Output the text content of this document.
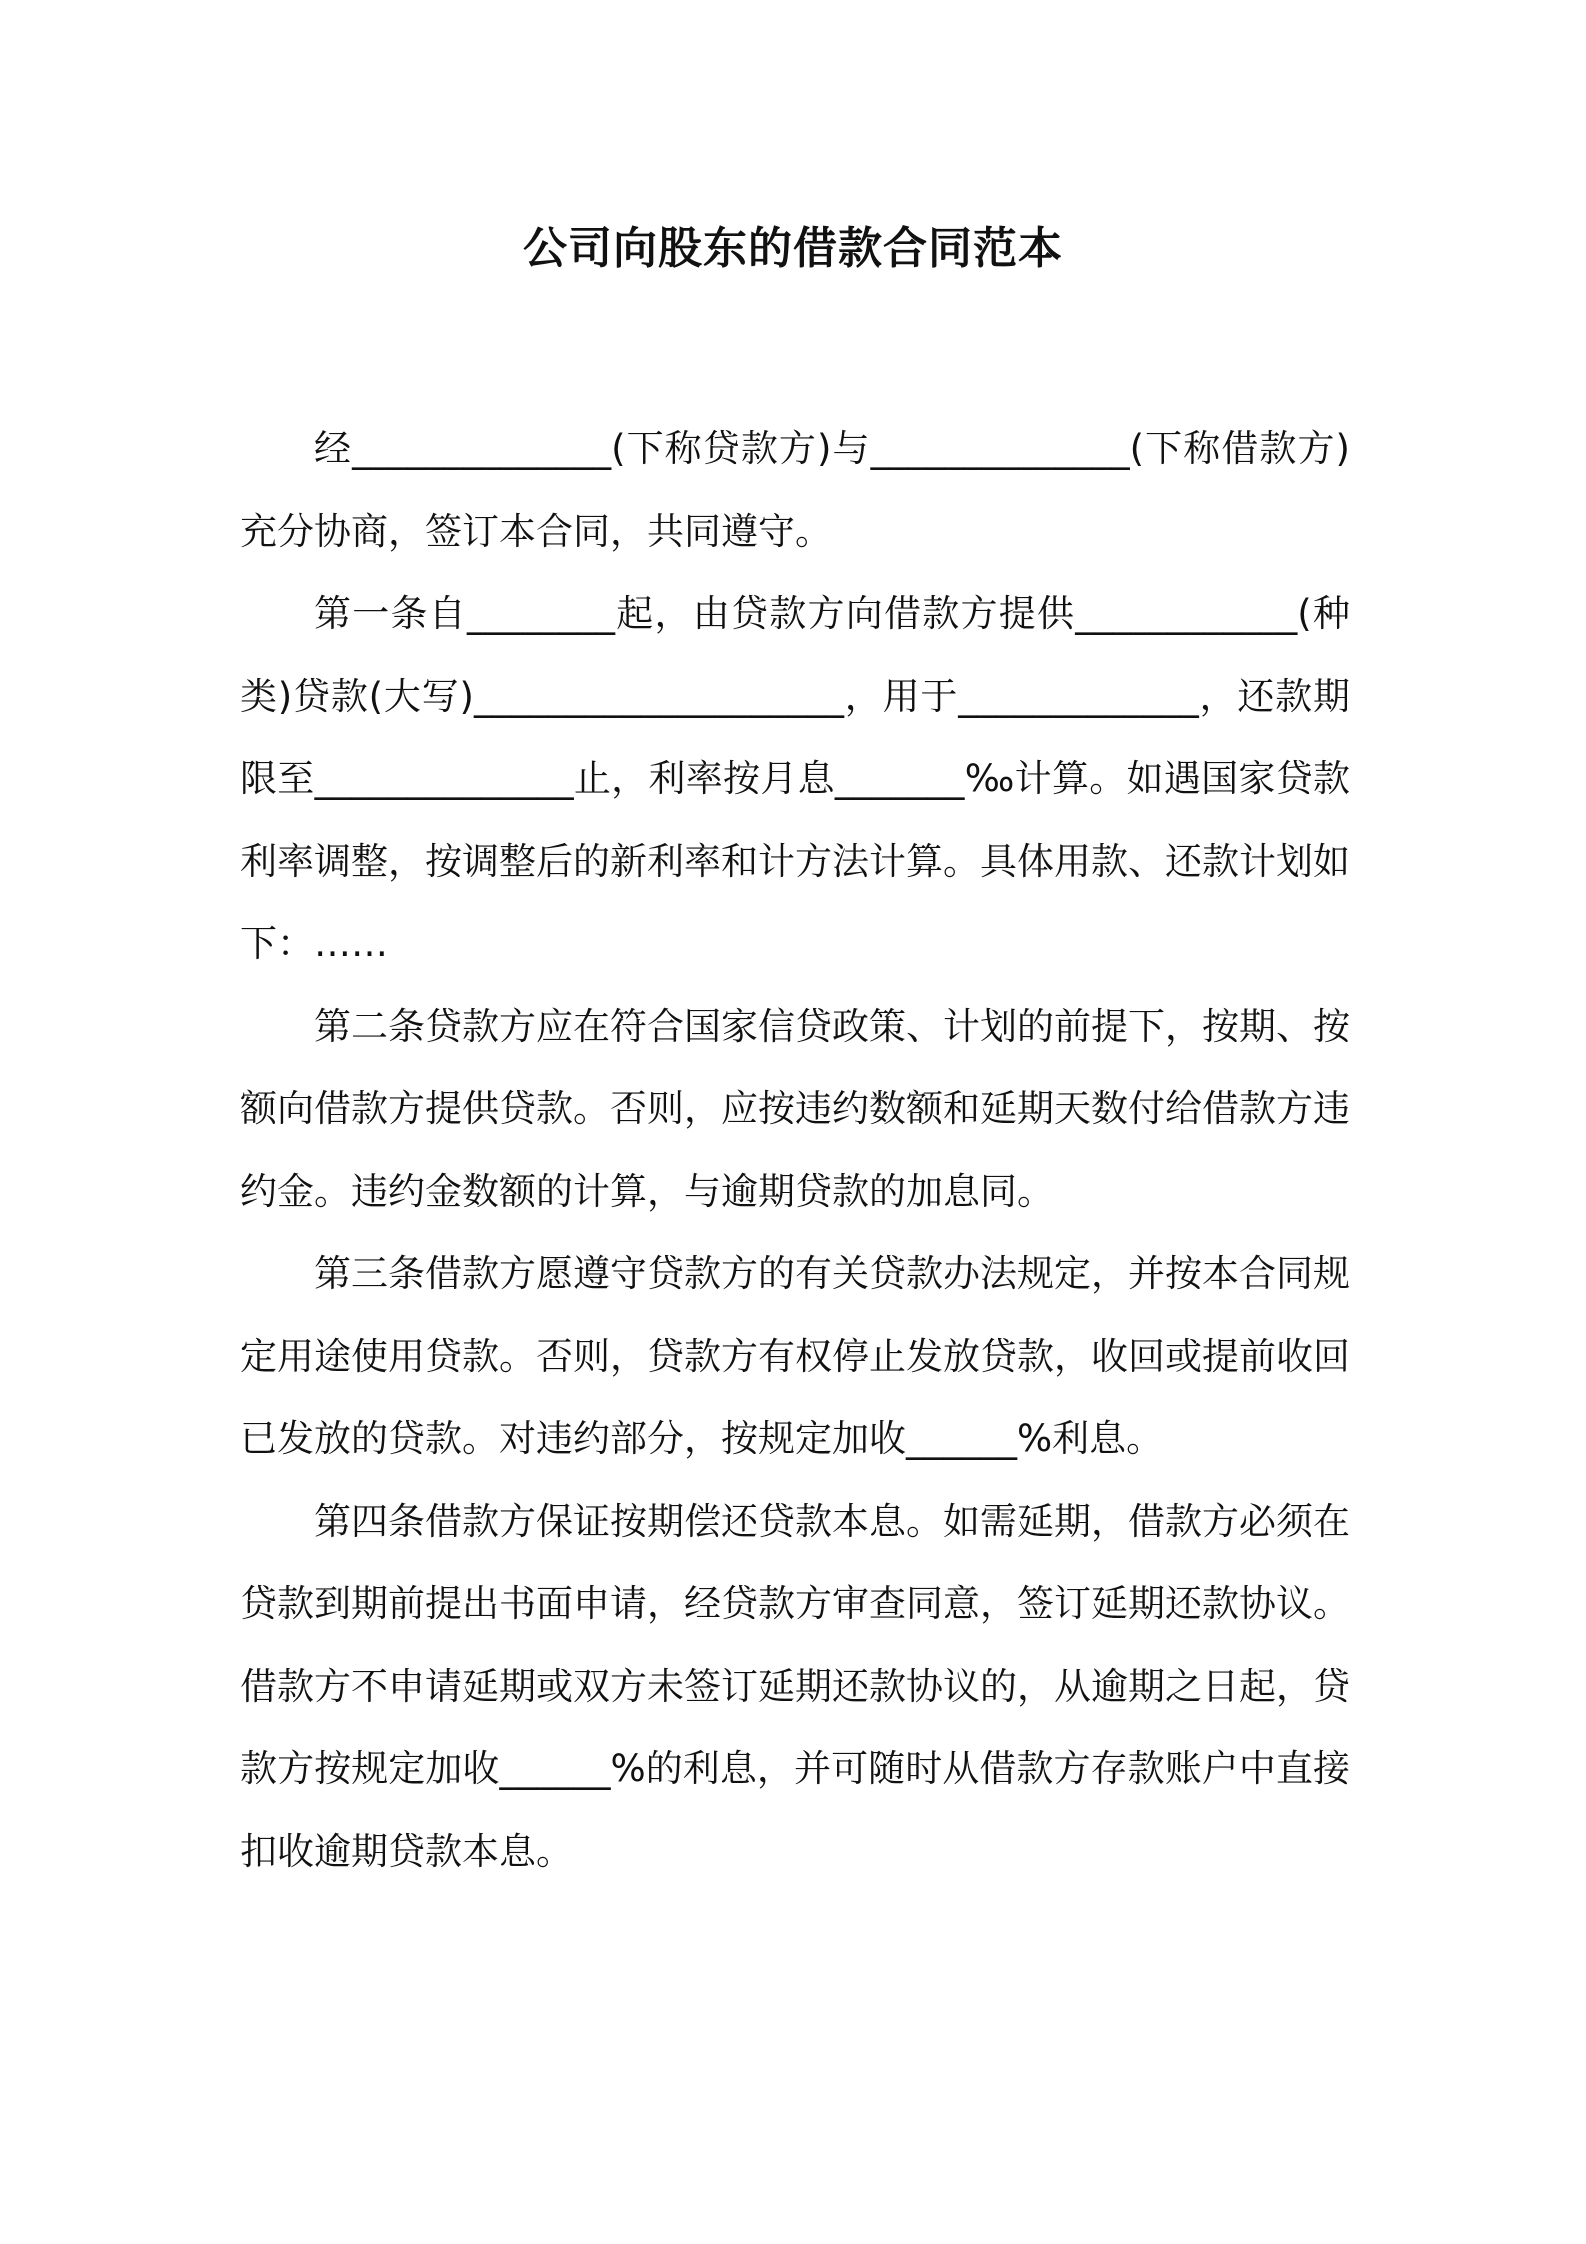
公司向股东的借款合同范本

经______________(下称贷款方)与______________(下称借款方)充分协商，签订本合同，共同遵守。

第一条自________起，由贷款方向借款方提供____________(种类)贷款(大写)____________________，用于_____________，还款期限至______________止，利率按月息_______‰计算。如遇国家贷款利率调整，按调整后的新利率和计方法计算。具体用款、还款计划如下：……

第二条贷款方应在符合国家信贷政策、计划的前提下，按期、按额向借款方提供贷款。否则，应按违约数额和延期天数付给借款方违约金。违约金数额的计算，与逾期贷款的加息同。

第三条借款方愿遵守贷款方的有关贷款办法规定，并按本合同规定用途使用贷款。否则，贷款方有权停止发放贷款，收回或提前收回已发放的贷款。对违约部分，按规定加收______%利息。

第四条借款方保证按期偿还贷款本息。如需延期，借款方必须在贷款到期前提出书面申请，经贷款方审查同意，签订延期还款协议。借款方不申请延期或双方未签订延期还款协议的，从逾期之日起，贷款方按规定加收______%的利息，并可随时从借款方存款账户中直接扣收逾期贷款本息。
